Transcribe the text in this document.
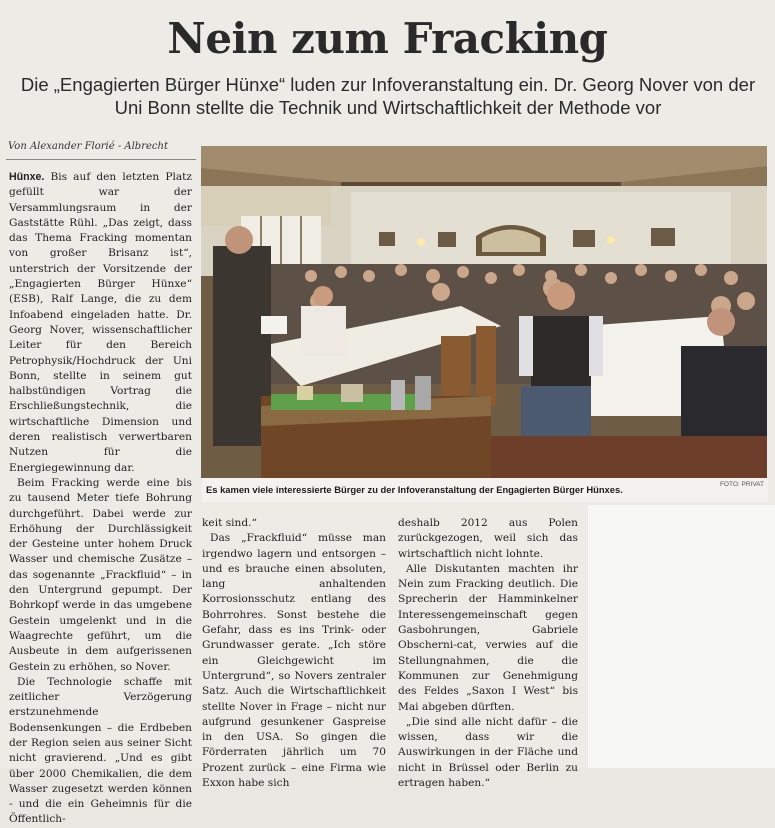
Nein zum Fracking
Die „Engagierten Bürger Hünxe“ luden zur Infoveranstaltung ein. Dr. Georg Nover von der Uni Bonn stellte die Technik und Wirtschaftlichkeit der Methode vor
Von Alexander Florié - Albrecht

Hünxe. Bis auf den letzten Platz gefüllt war der Versammlungsraum in der Gaststätte Rühl. „Das zeigt, dass das Thema Fracking momentan von großer Brisanz ist“, unterstrich der Vorsitzende der „Engagierten Bürger Hünxe“ (ESB), Ralf Lange, die zu dem Infoabend eingeladen hatte. Dr. Georg Nover, wissenschaftlicher Leiter für den Bereich Petrophysik/Hochdruck der Uni Bonn, stellte in seinem gut halbstündigen Vortrag die Erschließungstechnik, die wirtschaftliche Dimension und deren realistisch verwertbaren Nutzen für die Energiegewinnung dar.

Beim Fracking werde eine bis zu tausend Meter tiefe Bohrung durchgeführt. Dabei werde zur Erhöhung der Durchlässigkeit der Gesteine unter hohem Druck Wasser und chemische Zusätze – das sogenannte „Frackfluid“ – in den Untergrund gepumpt. Der Bohrkopf werde in das umgebene Gestein umgelenkt und in die Waagrechte geführt, um die Ausbeute in dem aufgerissenen Gestein zu erhöhen, so Nover.

Die Technologie schaffe mit zeitlicher Verzögerung erstzunehmende Bodensenkungen – die Erdbeben der Region seien aus seiner Sicht nicht gravierend. „Und es gibt über 2000 Chemikalien, die dem Wasser zugesetzt werden können - und die ein Geheimnis für die Öffentlich-

Es kamen viele interessierte Bürger zu der Infoveranstaltung der Engagierten Bürger Hünxes.	FOTO: PRIVAT

keit sind.“

Das „Frackfluid“ müsse man irgendwo lagern und entsorgen – und es brauche einen absoluten, lang anhaltenden Korrosionsschutz entlang des Bohrrohres. Sonst bestehe die Gefahr, dass es ins Trink- oder Grundwasser gerate. „Ich störe ein Gleichgewicht im Untergrund“, so Novers zentraler Satz. Auch die Wirtschaftlichkeit stellte Nover in Frage – nicht nur aufgrund gesunkener Gaspreise in den USA. So gingen die Förderraten jährlich um 70 Prozent zurück – eine Firma wie Exxon habe sich

deshalb 2012 aus Polen zurückgezogen, weil sich das wirtschaftlich nicht lohnte.

Alle Diskutanten machten ihr Nein zum Fracking deutlich. Die Sprecherin der Hamminkelner Interessengemeinschaft gegen Gasbohrungen, Gabriele Obscherni-cat, verwies auf die Stellungnahmen, die die Kommunen zur Genehmigung des Feldes „Saxon I West“ bis Mai abgeben dürften.

„Die sind alle nicht dafür – die wissen, dass wir die Auswirkungen in der Fläche und nicht in Brüssel oder Berlin zu ertragen haben.“
